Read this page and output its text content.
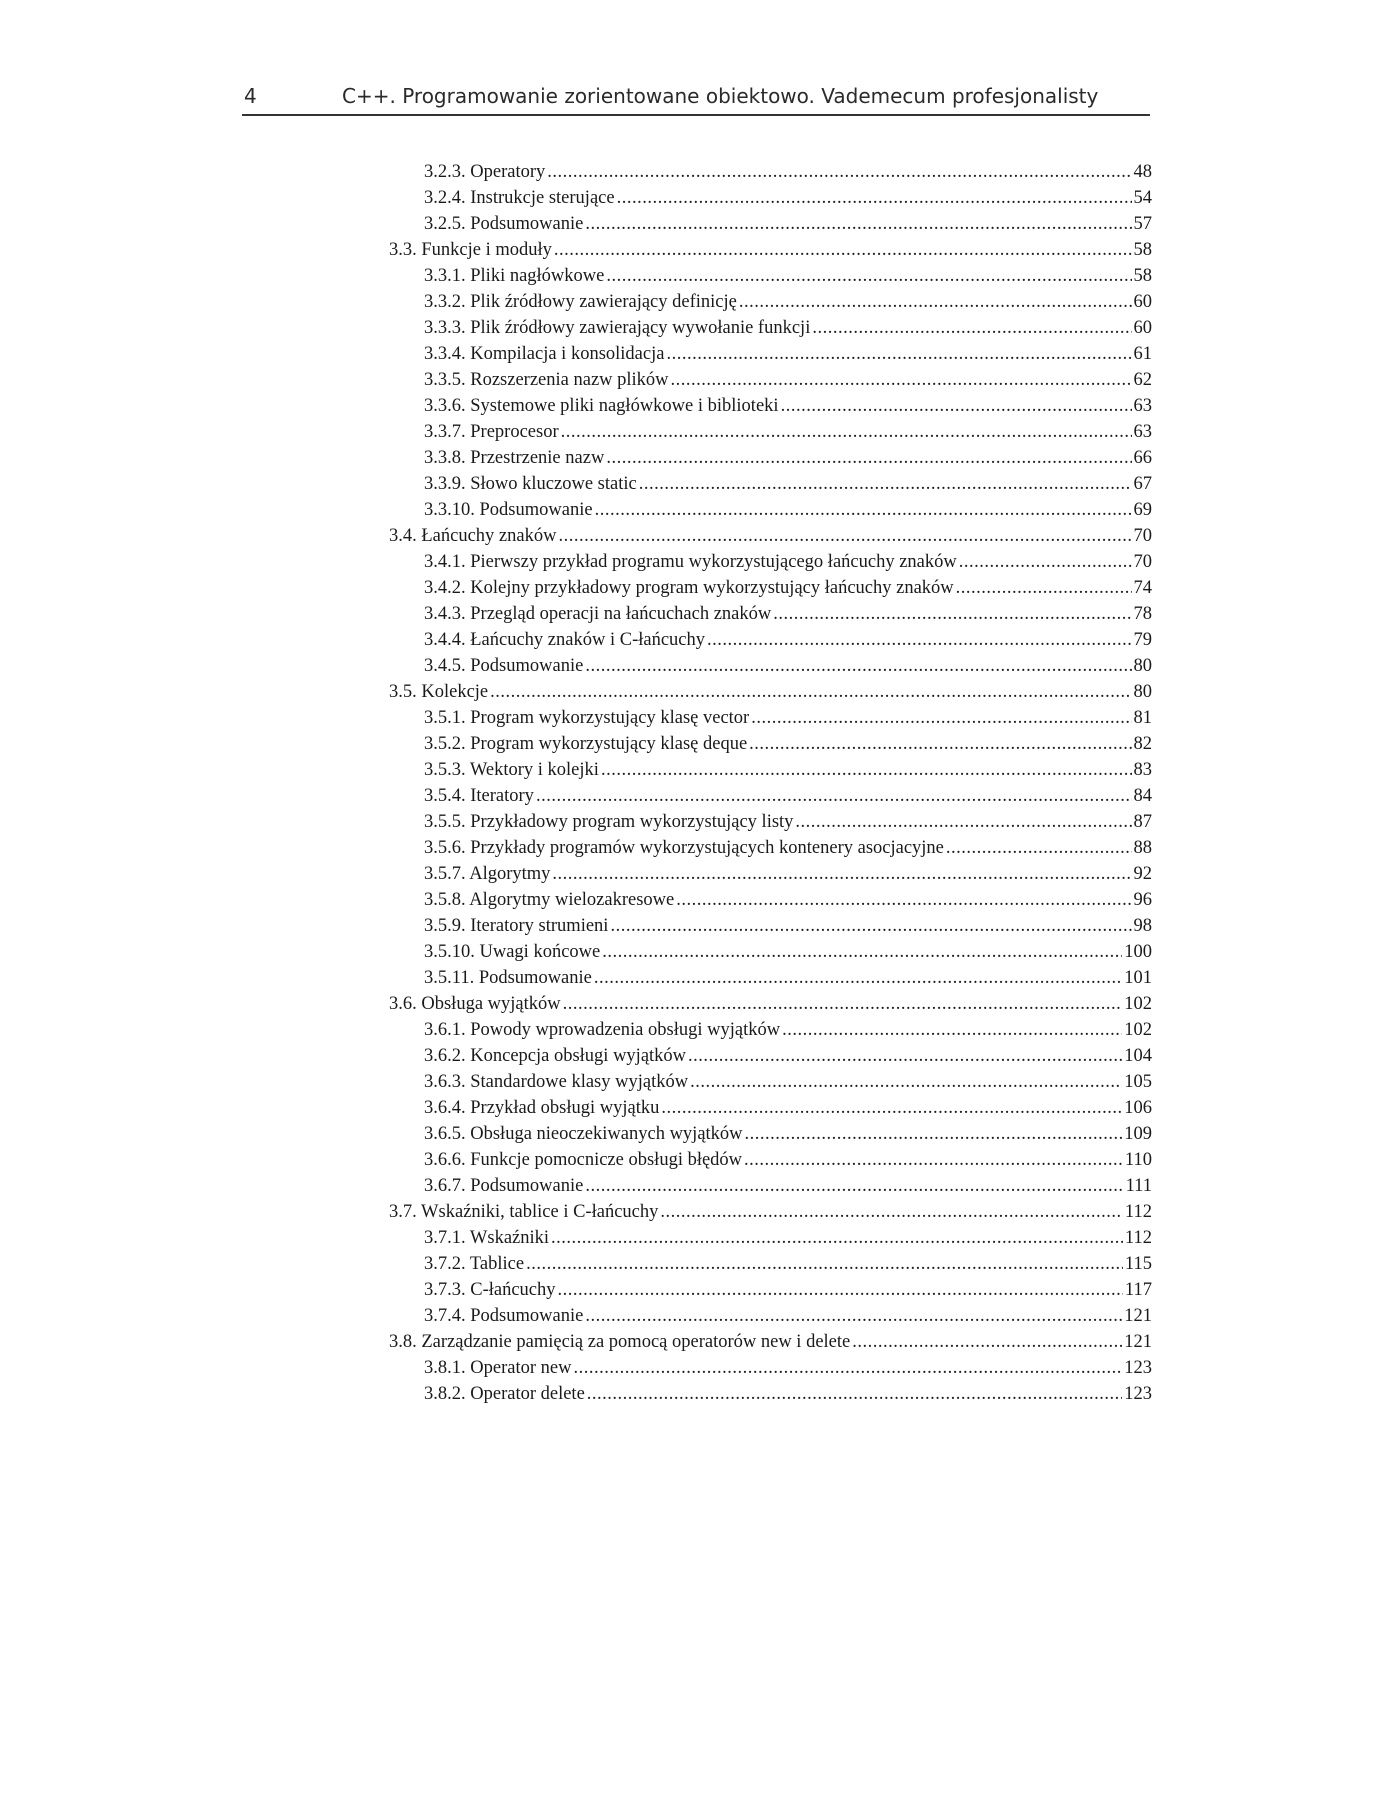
4	C++. Programowanie zorientowane obiektowo. Vademecum profesjonalisty
3.2.3. Operatory .....	48
3.2.4. Instrukcje sterujące .....	54
3.2.5. Podsumowanie .....	57
3.3. Funkcje i moduły .....	58
3.3.1. Pliki nagłówkowe .....	58
3.3.2. Plik źródłowy zawierający definicję .....	60
3.3.3. Plik źródłowy zawierający wywołanie funkcji .....	60
3.3.4. Kompilacja i konsolidacja .....	61
3.3.5. Rozszerzenia nazw plików .....	62
3.3.6. Systemowe pliki nagłówkowe i biblioteki .....	63
3.3.7. Preprocesor .....	63
3.3.8. Przestrzenie nazw .....	66
3.3.9. Słowo kluczowe static .....	67
3.3.10. Podsumowanie .....	69
3.4. Łańcuchy znaków .....	70
3.4.1. Pierwszy przykład programu wykorzystującego łańcuchy znaków .....	70
3.4.2. Kolejny przykładowy program wykorzystujący łańcuchy znaków .....	74
3.4.3. Przegląd operacji na łańcuchach znaków .....	78
3.4.4. Łańcuchy znaków i C-łańcuchy .....	79
3.4.5. Podsumowanie .....	80
3.5. Kolekcje .....	80
3.5.1. Program wykorzystujący klasę vector .....	81
3.5.2. Program wykorzystujący klasę deque .....	82
3.5.3. Wektory i kolejki .....	83
3.5.4. Iteratory .....	84
3.5.5. Przykładowy program wykorzystujący listy .....	87
3.5.6. Przykłady programów wykorzystujących kontenery asocjacyjne .....	88
3.5.7. Algorytmy .....	92
3.5.8. Algorytmy wielozakresowe .....	96
3.5.9. Iteratory strumieni .....	98
3.5.10. Uwagi końcowe .....	100
3.5.11. Podsumowanie .....	101
3.6. Obsługa wyjątków .....	102
3.6.1. Powody wprowadzenia obsługi wyjątków .....	102
3.6.2. Koncepcja obsługi wyjątków .....	104
3.6.3. Standardowe klasy wyjątków .....	105
3.6.4. Przykład obsługi wyjątku .....	106
3.6.5. Obsługa nieoczekiwanych wyjątków .....	109
3.6.6. Funkcje pomocnicze obsługi błędów .....	110
3.6.7. Podsumowanie .....	111
3.7. Wskaźniki, tablice i C-łańcuchy .....	112
3.7.1. Wskaźniki .....	112
3.7.2. Tablice .....	115
3.7.3. C-łańcuchy .....	117
3.7.4. Podsumowanie .....	121
3.8. Zarządzanie pamięcią za pomocą operatorów new i delete .....	121
3.8.1. Operator new .....	123
3.8.2. Operator delete .....	123
